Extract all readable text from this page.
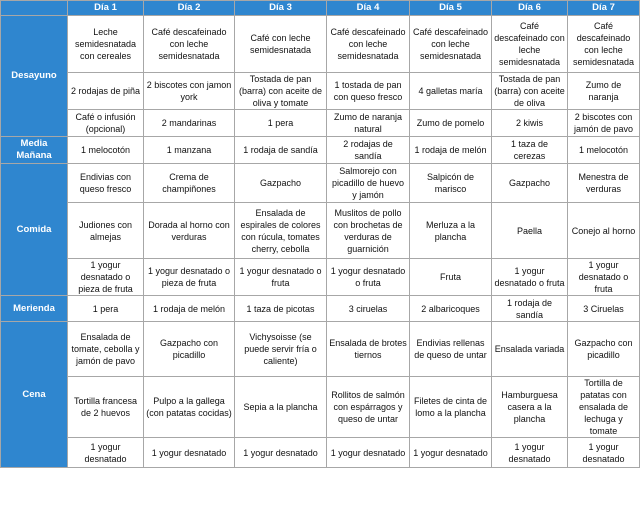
	Día 1	Día 2	Día 3	Día 4	Día 5	Día 6	Día 7
Desayuno	Leche semidesnatada con cereales	Café descafeinado con leche semidesnatada	Café con leche semidesnatada	Café descafeinado con leche semidesnatada	Café descafeinado con leche semidesnatada	Café descafeinado con leche semidesnatada	Café descafeinado con leche semidesnatada
	2 rodajas de piña	2 biscotes con jamon york	Tostada de pan (barra) con aceite de oliva y tomate	1 tostada de pan con queso fresco	4 galletas maría	Tostada de pan (barra) con aceite de oliva	Zumo de naranja
	Café o infusión (opcional)	2 mandarinas	1 pera	Zumo de naranja natural	Zumo de pomelo	2 kiwis	2 biscotes con jamón de pavo
Media Mañana	1 melocotón	1 manzana	1 rodaja de sandía	2 rodajas de sandía	1 rodaja de melón	1 taza de cerezas	1 melocotón
Comida	Endivias con queso fresco	Crema de champiñones	Gazpacho	Salmorejo con picadillo de huevo y jamón	Salpicón de marisco	Gazpacho	Menestra de verduras
	Judiones con almejas	Dorada al horno con verduras	Ensalada de espirales de colores con rúcula, tomates cherry, cebolla	Muslitos de pollo con brochetas de verduras de guarnición	Merluza a la plancha	Paella	Conejo al horno
	1 yogur desnatado o pieza de fruta	1 yogur desnatado o pieza de fruta	1 yogur desnatado o fruta	1 yogur desnatado o fruta	Fruta	1 yogur desnatado o fruta	1 yogur desnatado o fruta
Merienda	1 pera	1 rodaja de melón	1 taza de picotas	3 ciruelas	2 albaricoques	1 rodaja de sandía	3 Ciruelas
Cena	Ensalada de tomate, cebolla y jamón de pavo	Gazpacho con picadillo	Vichysoisse (se puede servir fría o caliente)	Ensalada de brotes tiernos	Endivias rellenas de queso de untar	Ensalada variada	Gazpacho con picadillo
	Tortilla francesa de 2 huevos	Pulpo a la gallega (con patatas cocidas)	Sepia a la plancha	Rollitos de salmón con espárragos y queso de untar	Filetes de cinta de lomo a la plancha	Hamburguesa casera a la plancha	Tortilla de patatas con ensalada de lechuga y tomate
	1 yogur desnatado	1 yogur desnatado	1 yogur desnatado	1 yogur desnatado	1 yogur desnatado	1 yogur desnatado	1 yogur desnatado
